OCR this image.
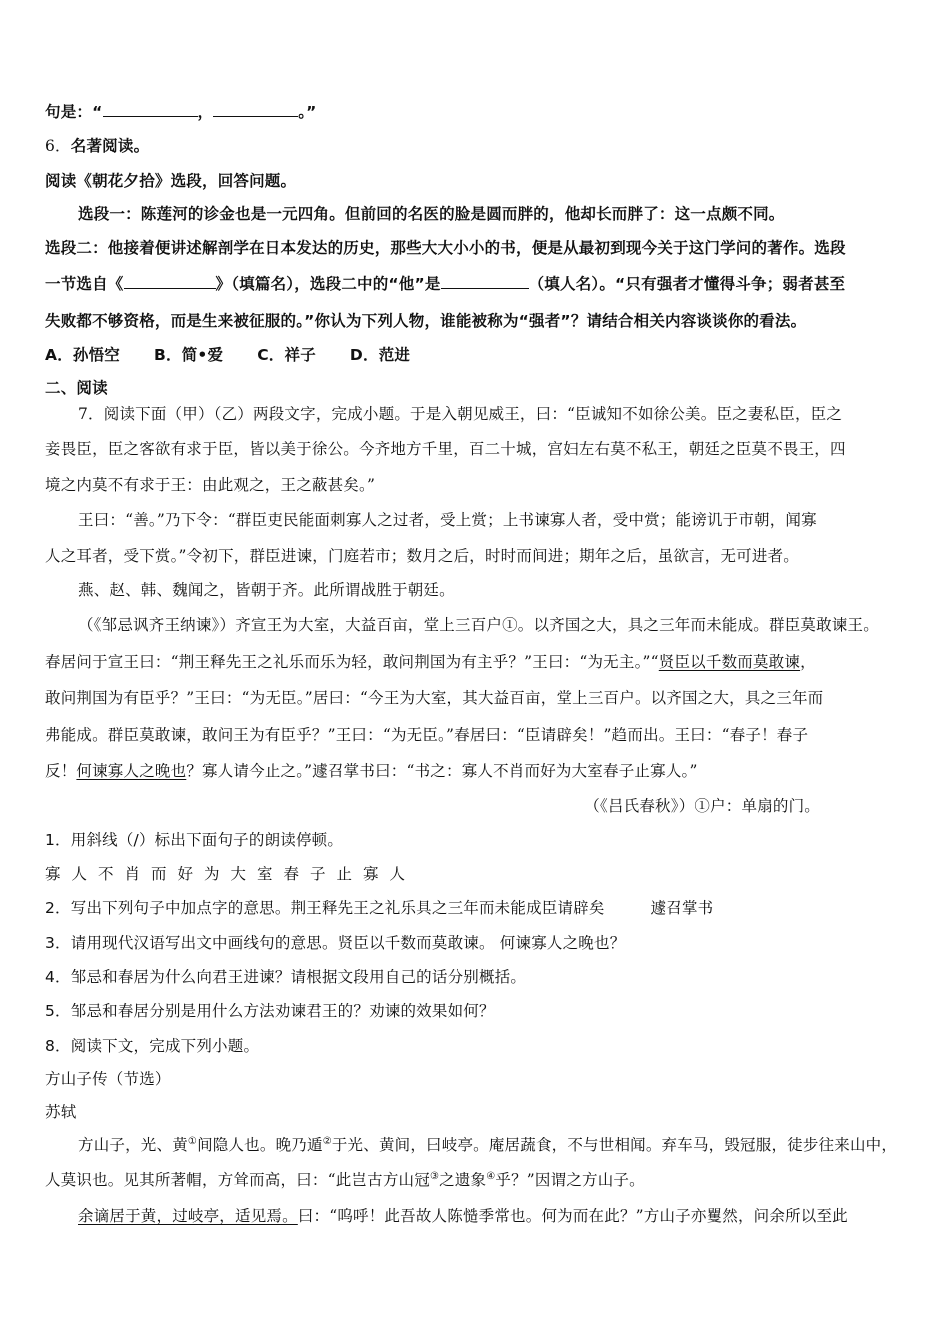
句是：“	，	。”
6．名著阅读。
阅读《朝花夕拾》选段，回答问题。
选段一：陈莲河的诊金也是一元四角。但前回的名医的脸是圆而胖的，他却长而胖了：这一点颇不同。
选段二：他接着便讲述解剖学在日本发达的历史，那些大大小小的书，便是从最初到现今关于这门学问的著作。选段
一节选自《	》（填篇名），选段二中的“他”是	（填人名）。“只有强者才懂得斗争；弱者甚至
失败都不够资格，而是生来被征服的。”你认为下列人物，谁能被称为“强者”？请结合相关内容谈谈你的看法。
A．孙悟空 B．简•爱 C．祥子 D．范进
二、阅读
7．阅读下面（甲）（乙）两段文字，完成小题。于是入朝见威王，曰：“臣诚知不如徐公美。臣之妻私臣，臣之
妾畏臣，臣之客欲有求于臣，皆以美于徐公。今齐地方千里，百二十城，宫妇左右莫不私王，朝廷之臣莫不畏王，四
境之内莫不有求于王：由此观之，王之蔽甚矣。”
王曰：“善。”乃下令：“群臣吏民能面刺寡人之过者，受上赏；上书谏寡人者，受中赏；能谤讥于市朝，闻寡
人之耳者，受下赏。”令初下，群臣进谏，门庭若市；数月之后，时时而间进；期年之后，虽欲言，无可进者。
燕、赵、韩、魏闻之，皆朝于齐。此所谓战胜于朝廷。
（《邹忌讽齐王纳谏》）齐宣王为大室，大益百亩，堂上三百户①。以齐国之大，具之三年而未能成。群臣莫敢谏王。
春居问于宣王曰：“荆王释先王之礼乐而乐为轻，敢问荆国为有主乎？”王曰：“为无主。”“贤臣以千数而莫敢谏，
敢问荆国为有臣乎？”王曰：“为无臣。”居曰：“今王为大室，其大益百亩，堂上三百户。以齐国之大，具之三年而
弗能成。群臣莫敢谏，敢问王为有臣乎？”王曰：“为无臣。”春居曰：“臣请辟矣！”趋而出。王曰：“春子！春子
反！何谏寡人之晚也？寡人请今止之。”遽召掌书曰：“书之：寡人不肖而好为大室春子止寡人。”
（《吕氏春秋》）①户：单扇的门。
1．用斜线（/）标出下面句子的朗读停顿。
寡人不肖而好为大室春子止寡人
2．写出下列句子中加点字的意思。荆王释先王之礼乐具之三年而未能成臣请辟矣	遽召掌书
3．请用现代汉语写出文中画线句的意思。贤臣以千数而莫敢谏。 何谏寡人之晚也？
4．邹忌和春居为什么向君王进谏？请根据文段用自己的话分别概括。
5．邹忌和春居分别是用什么方法劝谏君王的？劝谏的效果如何？
8．阅读下文，完成下列小题。
方山子传（节选）
苏轼
方山子，光、黄①间隐人也。晚乃遁②于光、黄间，曰岐亭。庵居蔬食，不与世相闻。弃车马，毁冠服，徒步往来山中，
人莫识也。见其所著帽，方耸而高，曰：“此岂古方山冠③之遗象④乎？”因谓之方山子。
余谪居于黄，过岐亭，适见焉。曰：“呜呼！此吾故人陈慥季常也。何为而在此？”方山子亦矍然，问余所以至此
